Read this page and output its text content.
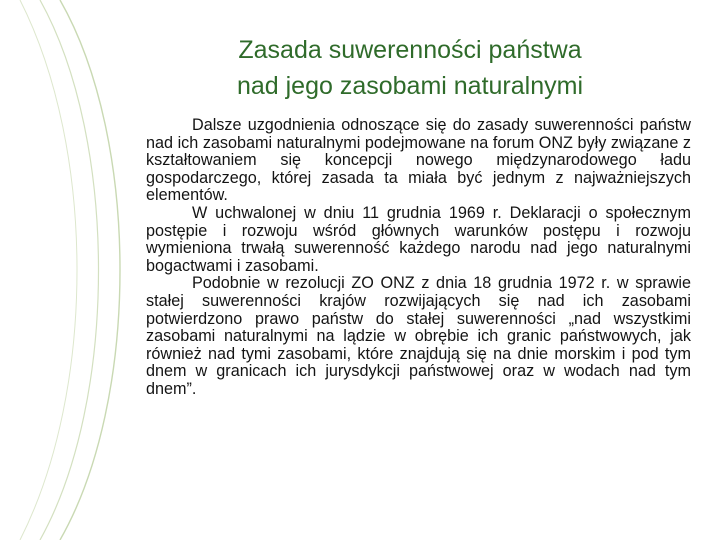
Zasada suwerenności państwa
nad jego zasobami naturalnymi

Dalsze uzgodnienia odnoszące się do zasady suwerenności państw nad ich zasobami naturalnymi podejmowane na forum ONZ były związane z kształtowaniem się koncepcji nowego międzynarodowego ładu gospodarczego, której zasada ta miała być jednym z najważniejszych elementów.

W uchwalonej w dniu 11 grudnia 1969 r. Deklaracji o społecznym postępie i rozwoju wśród głównych warunków postępu i rozwoju wymieniona trwałą suwerenność każdego narodu nad jego naturalnymi bogactwami i zasobami.

Podobnie w rezolucji ZO ONZ z dnia 18 grudnia 1972 r. w sprawie stałej suwerenności krajów rozwijających się nad ich zasobami potwierdzono prawo państw do stałej suwerenności „nad wszystkimi zasobami naturalnymi na lądzie w obrębie ich granic państwowych, jak również nad tymi zasobami, które znajdują się na dnie morskim i pod tym dnem w granicach ich jurysdykcji państwowej oraz w wodach nad tym dnem”.
